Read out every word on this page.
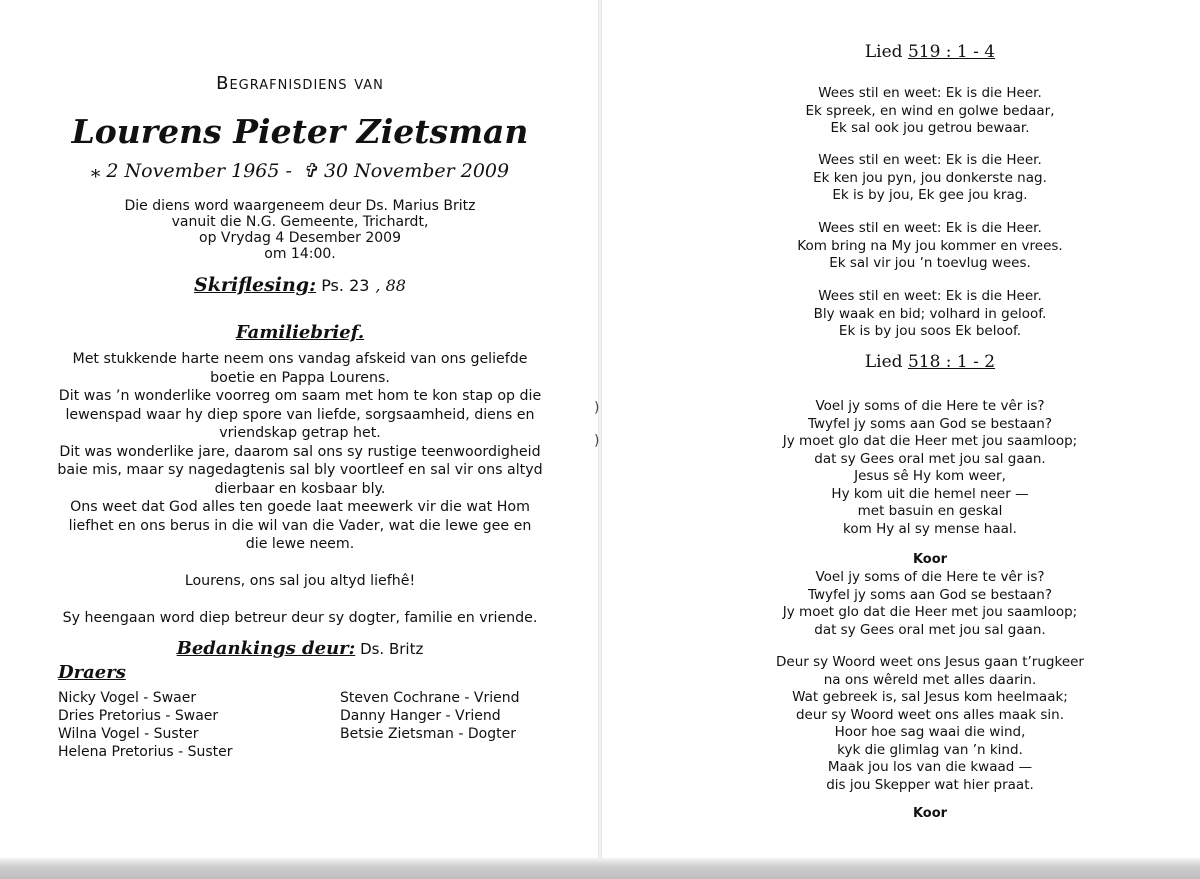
Begrafnisdiens van
Lourens Pieter Zietsman
⁎ 2 November 1965 - ✞ 30 November 2009
Die diens word waargeneem deur Ds. Marius Britz
vanuit die N.G. Gemeente, Trichardt,
op Vrydag 4 Desember 2009
om 14:00.
Skriflesing: Ps. 23 , 88
Familiebrief.
Met stukkende harte neem ons vandag afskeid van ons geliefde
boetie en Pappa Lourens.
Dit was ’n wonderlike voorreg om saam met hom te kon stap op die
lewenspad waar hy diep spore van liefde, sorgsaamheid, diens en
vriendskap getrap het.
Dit was wonderlike jare, daarom sal ons sy rustige teenwoordigheid
baie mis, maar sy nagedagtenis sal bly voortleef en sal vir ons altyd
dierbaar en kosbaar bly.
Ons weet dat God alles ten goede laat meewerk vir die wat Hom
liefhet en ons berus in die wil van die Vader, wat die lewe gee en
die lewe neem.
Lourens, ons sal jou altyd liefhê!
Sy heengaan word diep betreur deur sy dogter, familie en vriende.
Bedankings deur: Ds. Britz
Draers
Nicky Vogel - Swaer
Dries Pretorius - Swaer
Wilna Vogel - Suster
Helena Pretorius - Suster
Steven Cochrane - Vriend
Danny Hanger - Vriend
Betsie Zietsman - Dogter
)
)
Lied 519 : 1 - 4
Wees stil en weet: Ek is die Heer.
Ek spreek, en wind en golwe bedaar,
Ek sal ook jou getrou bewaar.
Wees stil en weet: Ek is die Heer.
Ek ken jou pyn, jou donkerste nag.
Ek is by jou, Ek gee jou krag.
Wees stil en weet: Ek is die Heer.
Kom bring na My jou kommer en vrees.
Ek sal vir jou ’n toevlug wees.
Wees stil en weet: Ek is die Heer.
Bly waak en bid; volhard in geloof.
Ek is by jou soos Ek beloof.
Lied 518 : 1 - 2
Voel jy soms of die Here te vêr is?
Twyfel jy soms aan God se bestaan?
Jy moet glo dat die Heer met jou saamloop;
dat sy Gees oral met jou sal gaan.
Jesus sê Hy kom weer,
Hy kom uit die hemel neer —
met basuin en geskal
kom Hy al sy mense haal.
Koor
Voel jy soms of die Here te vêr is?
Twyfel jy soms aan God se bestaan?
Jy moet glo dat die Heer met jou saamloop;
dat sy Gees oral met jou sal gaan.
Deur sy Woord weet ons Jesus gaan t’rugkeer
na ons wêreld met alles daarin.
Wat gebreek is, sal Jesus kom heelmaak;
deur sy Woord weet ons alles maak sin.
Hoor hoe sag waai die wind,
kyk die glimlag van ’n kind.
Maak jou los van die kwaad —
dis jou Skepper wat hier praat.
Koor
